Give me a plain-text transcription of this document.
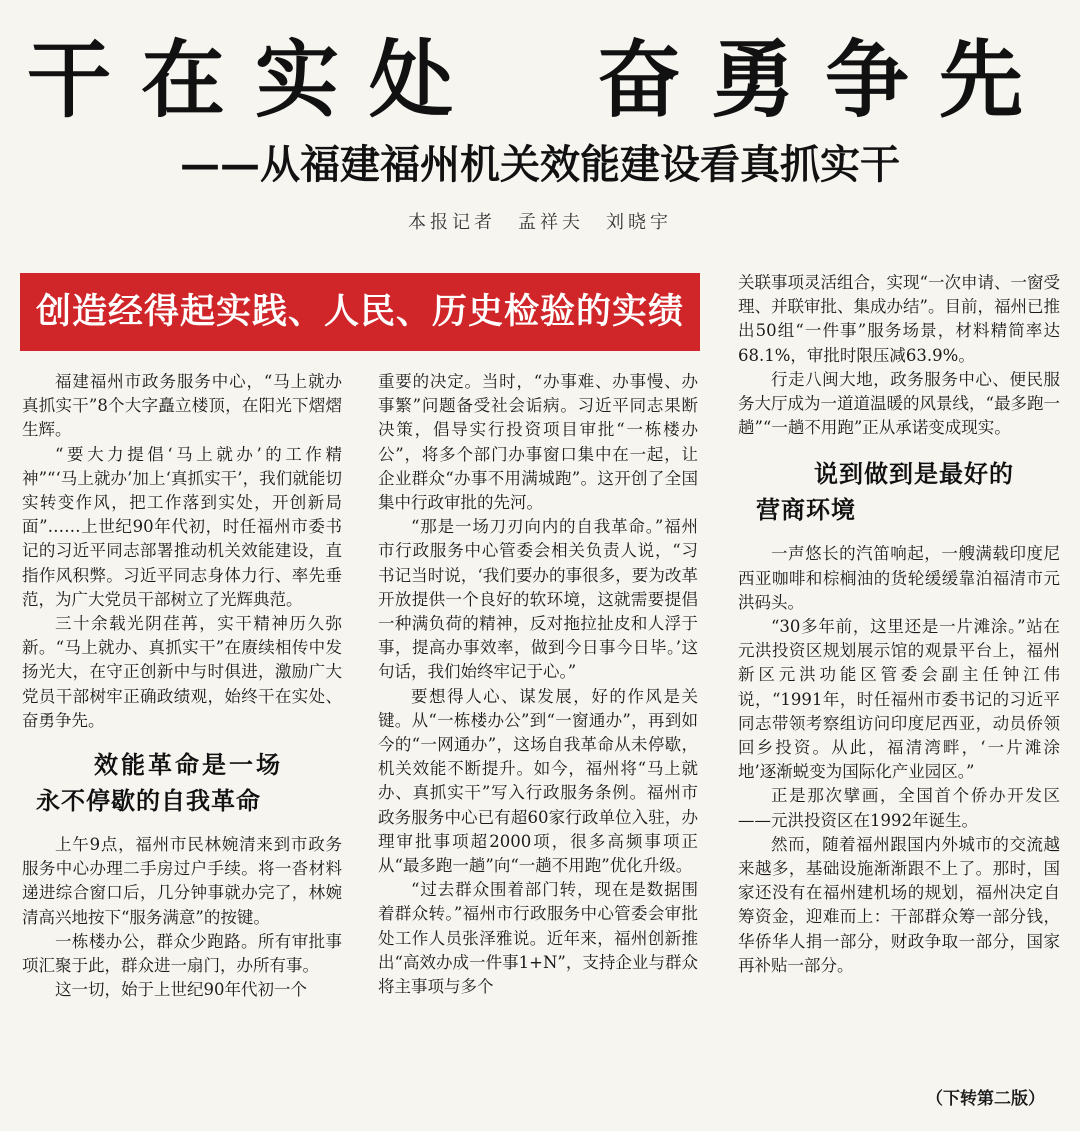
干在实处　奋勇争先
——从福建福州机关效能建设看真抓实干
本报记者　孟祥夫　刘晓宇
创造经得起实践、人民、历史检验的实绩

福建福州市政务服务中心，“马上就办　真抓实干”8个大字矗立楼顶，在阳光下熠熠生辉。

“要大力提倡‘马上就办’的工作精神”“‘马上就办’加上‘真抓实干’，我们就能切实转变作风，把工作落到实处，开创新局面”……上世纪90年代初，时任福州市委书记的习近平同志部署推动机关效能建设，直指作风积弊。习近平同志身体力行、率先垂范，为广大党员干部树立了光辉典范。

三十余载光阴荏苒，实干精神历久弥新。“马上就办、真抓实干”在赓续相传中发扬光大，在守正创新中与时俱进，激励广大党员干部树牢正确政绩观，始终干在实处、奋勇争先。

效能革命是一场
永不停歇的自我革命

上午9点，福州市民林婉清来到市政务服务中心办理二手房过户手续。将一沓材料递进综合窗口后，几分钟事就办完了，林婉清高兴地按下“服务满意”的按键。

一栋楼办公，群众少跑路。所有审批事项汇聚于此，群众进一扇门，办所有事。

这一切，始于上世纪90年代初一个

重要的决定。当时，“办事难、办事慢、办事繁”问题备受社会诟病。习近平同志果断决策，倡导实行投资项目审批“一栋楼办公”，将多个部门办事窗口集中在一起，让企业群众“办事不用满城跑”。这开创了全国集中行政审批的先河。

“那是一场刀刃向内的自我革命。”福州市行政服务中心管委会相关负责人说，“习书记当时说，‘我们要办的事很多，要为改革开放提供一个良好的软环境，这就需要提倡一种满负荷的精神，反对拖拉扯皮和人浮于事，提高办事效率，做到今日事今日毕。’这句话，我们始终牢记于心。”

要想得人心、谋发展，好的作风是关键。从“一栋楼办公”到“一窗通办”，再到如今的“一网通办”，这场自我革命从未停歇，机关效能不断提升。如今，福州将“马上就办、真抓实干”写入行政服务条例。福州市政务服务中心已有超60家行政单位入驻，办理审批事项超2000项，很多高频事项正从“最多跑一趟”向“一趟不用跑”优化升级。

“过去群众围着部门转，现在是数据围着群众转。”福州市行政服务中心管委会审批处工作人员张泽雅说。近年来，福州创新推出“高效办成一件事1+N”，支持企业与群众将主事项与多个

关联事项灵活组合，实现“一次申请、一窗受理、并联审批、集成办结”。目前，福州已推出50组“一件事”服务场景，材料精简率达68.1%，审批时限压减63.9%。

行走八闽大地，政务服务中心、便民服务大厅成为一道道温暖的风景线，“最多跑一趟”“一趟不用跑”正从承诺变成现实。

说到做到是最好的
营商环境

一声悠长的汽笛响起，一艘满载印度尼西亚咖啡和棕榈油的货轮缓缓靠泊福清市元洪码头。

“30多年前，这里还是一片滩涂。”站在元洪投资区规划展示馆的观景平台上，福州新区元洪功能区管委会副主任钟江伟说，“1991年，时任福州市委书记的习近平同志带领考察组访问印度尼西亚，动员侨领回乡投资。从此，福清湾畔，‘一片滩涂地’逐渐蜕变为国际化产业园区。”

正是那次擘画，全国首个侨办开发区——元洪投资区在1992年诞生。

然而，随着福州跟国内外城市的交流越来越多，基础设施渐渐跟不上了。那时，国家还没有在福州建机场的规划，福州决定自筹资金，迎难而上：干部群众筹一部分钱，华侨华人捐一部分，财政争取一部分，国家再补贴一部分。

（下转第二版）
